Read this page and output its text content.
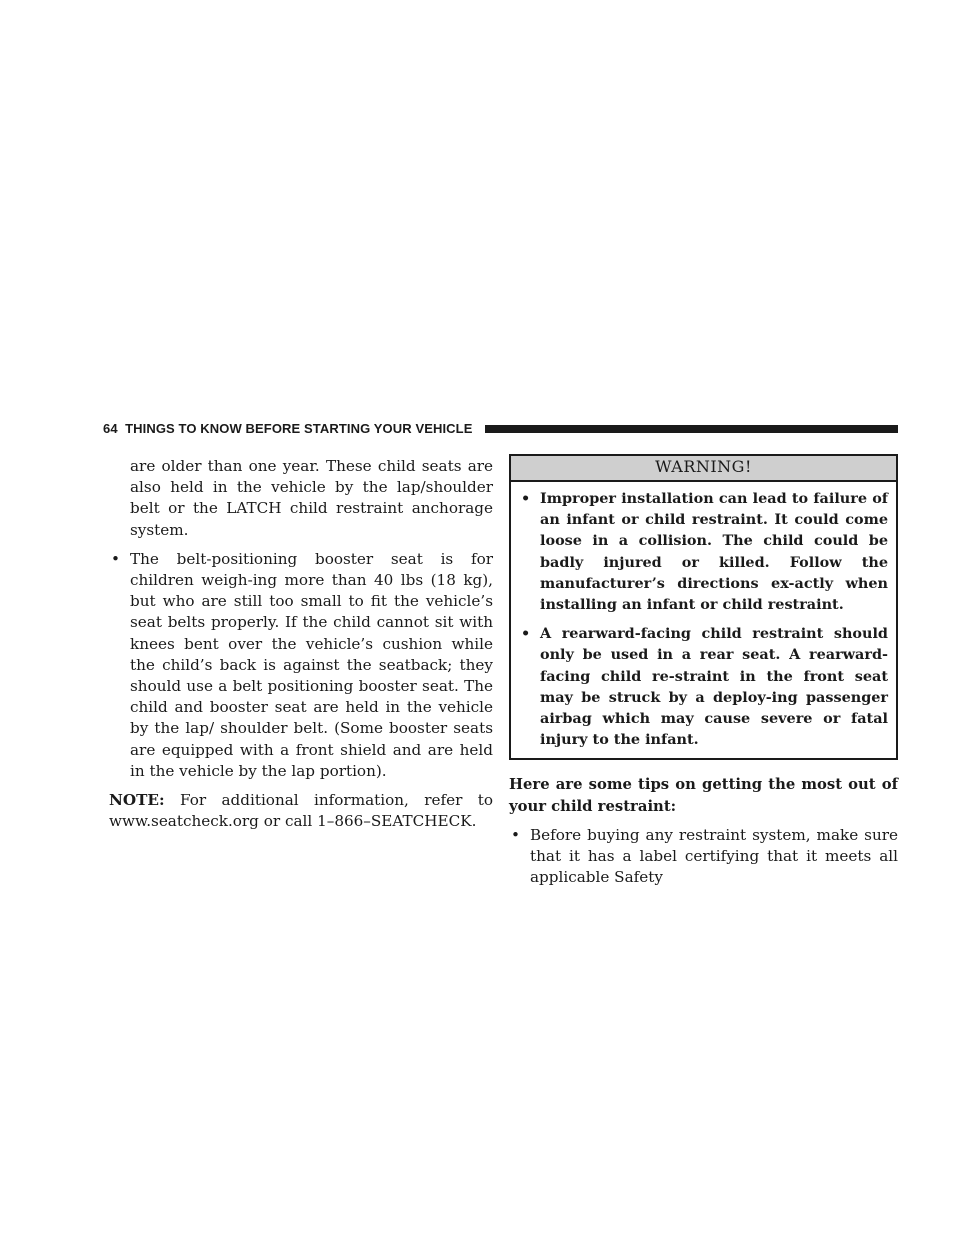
64 THINGS TO KNOW BEFORE STARTING YOUR VEHICLE

are older than one year. These child seats are also held in the vehicle by the lap/shoulder belt or the LATCH child restraint anchorage system.

• The belt-positioning booster seat is for children weigh-ing more than 40 lbs (18 kg), but who are still too small to fit the vehicle’s seat belts properly. If the child cannot sit with knees bent over the vehicle’s cushion while the child’s back is against the seatback; they should use a belt positioning booster seat. The child and booster seat are held in the vehicle by the lap/ shoulder belt. (Some booster seats are equipped with a front shield and are held in the vehicle by the lap portion).

NOTE: For additional information, refer to

www.seatcheck.org or call 1–866–SEATCHECK.

WARNING!
• Improper installation can lead to failure of an infant or child restraint. It could come loose in a collision. The child could be badly injured or killed. Follow the manufacturer’s directions ex-actly when installing an infant or child restraint.
• A rearward-facing child restraint should only be used in a rear seat. A rearward-facing child re-straint in the front seat may be struck by a deploy-ing passenger airbag which may cause severe or fatal injury to the infant.

Here are some tips on getting the most out of your child restraint:

• Before buying any restraint system, make sure that it has a label certifying that it meets all applicable Safety
